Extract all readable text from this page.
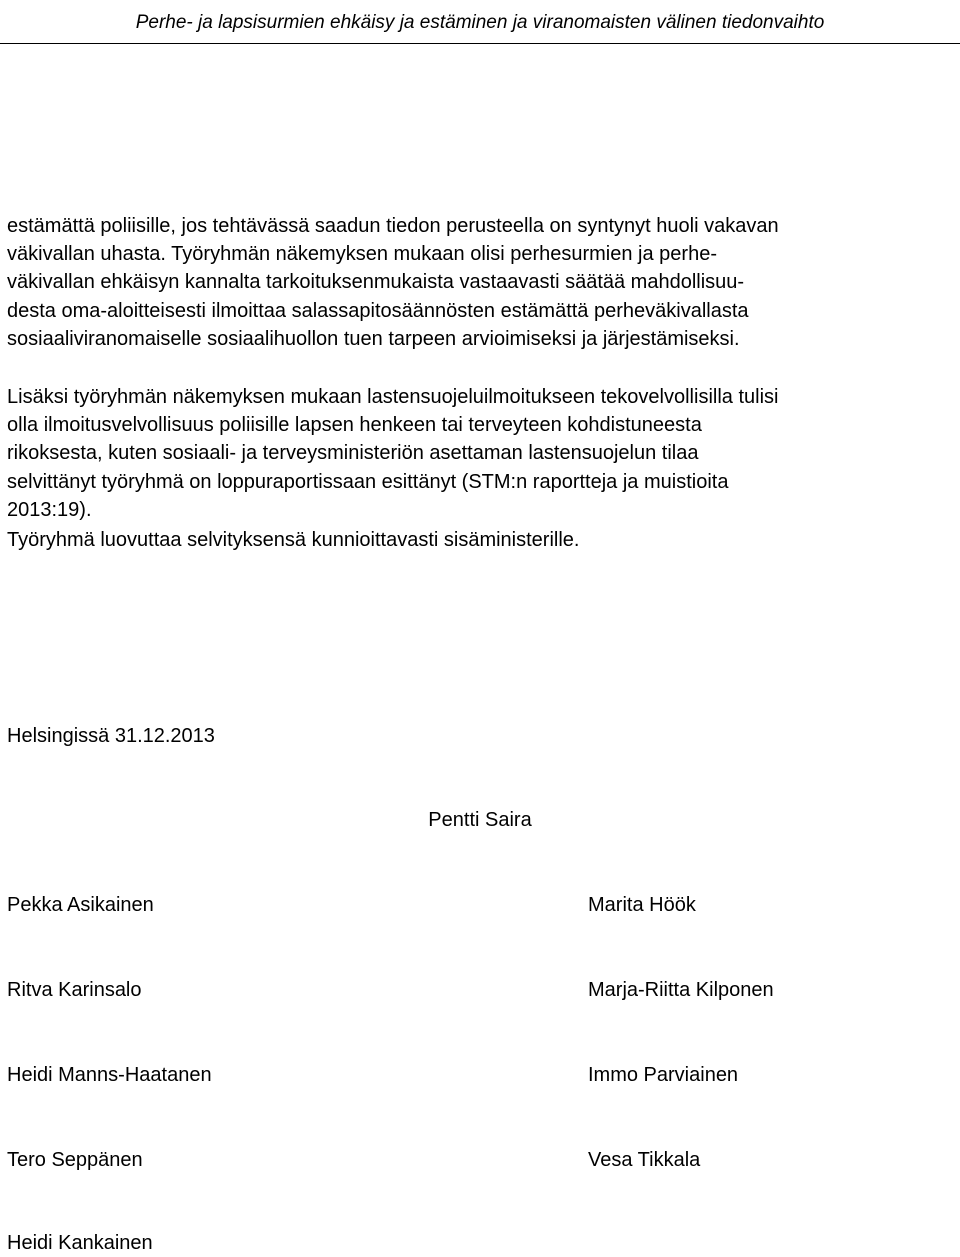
Perhe- ja lapsisurmien ehkäisy ja estäminen ja viranomaisten välinen tiedonvaihto

estämättä poliisille, jos tehtävässä saadun tiedon perusteella on syntynyt huoli vakavan
väkivallan uhasta. Työryhmän näkemyksen mukaan olisi perhesurmien ja perhe-
väkivallan ehkäisyn kannalta tarkoituksenmukaista vastaavasti säätää mahdollisuu-
desta oma-aloitteisesti ilmoittaa salassapitosäännösten estämättä perheväkivallasta
sosiaaliviranomaiselle sosiaalihuollon tuen tarpeen arvioimiseksi ja järjestämiseksi.

Lisäksi työryhmän näkemyksen mukaan lastensuojeluilmoitukseen tekovelvollisilla tulisi
olla ilmoitusvelvollisuus poliisille lapsen henkeen tai terveyteen kohdistuneesta
rikoksesta, kuten sosiaali- ja terveysministeriön asettaman lastensuojelun tilaa
selvittänyt työryhmä on loppuraportissaan esittänyt (STM:n raportteja ja muistioita
2013:19).

Työryhmä luovuttaa selvityksensä kunnioittavasti sisäministerille.

Helsingissä 31.12.2013

Pentti Saira
Pekka Asikainen	Marita Höök
Ritva Karinsalo	Marja-Riitta Kilponen
Heidi Manns-Haatanen	Immo Parviainen
Tero Seppänen	Vesa Tikkala
Heidi Kankainen
